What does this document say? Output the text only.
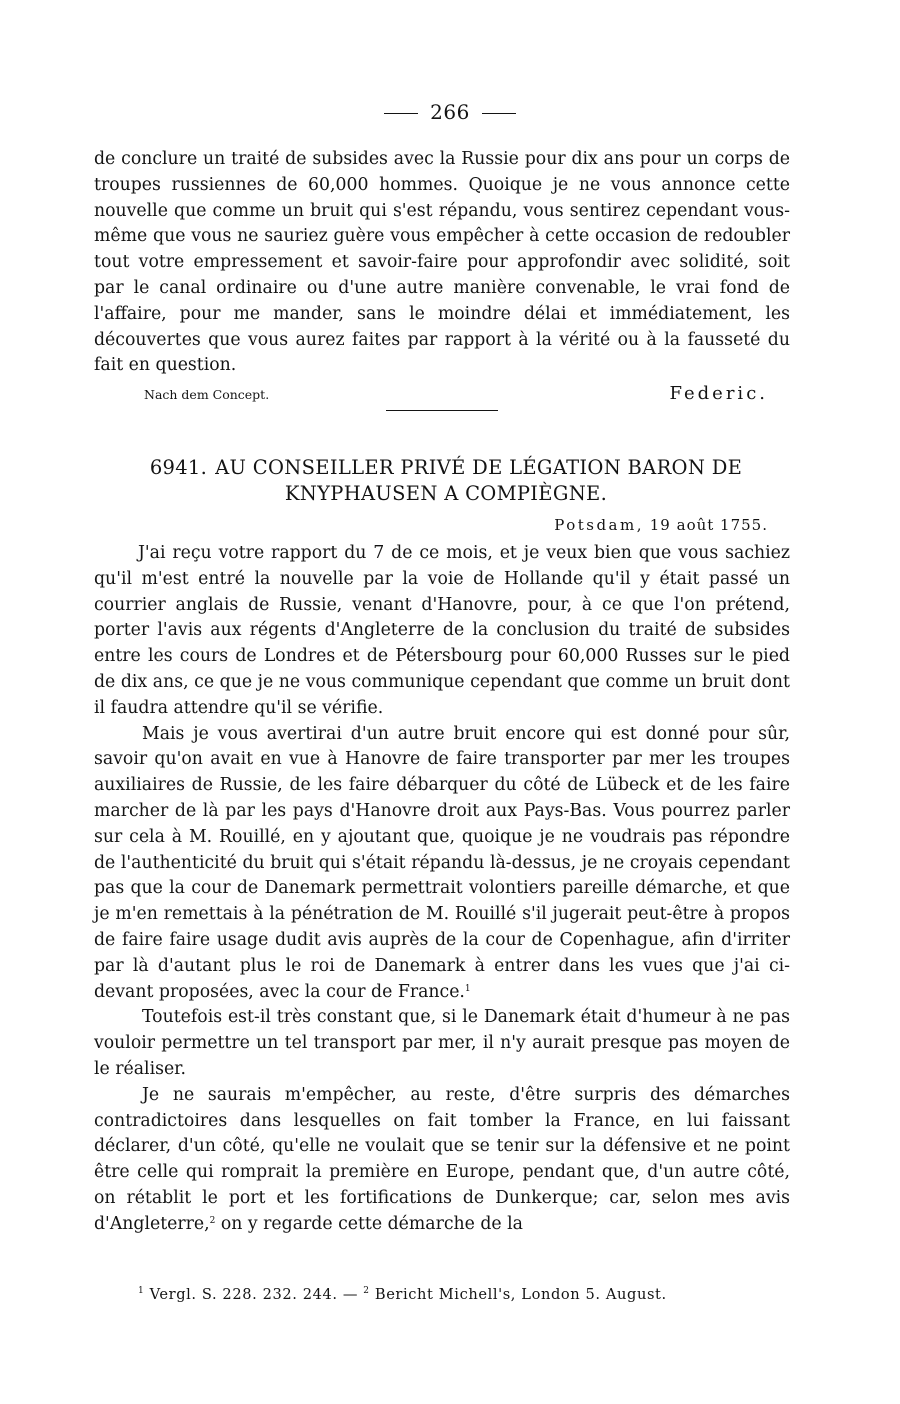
266

de conclure un traité de subsides avec la Russie pour dix ans pour un corps de troupes russiennes de 60,000 hommes. Quoique je ne vous annonce cette nouvelle que comme un bruit qui s'est répandu, vous sentirez cependant vous-même que vous ne sauriez guère vous empêcher à cette occasion de redoubler tout votre empressement et savoir-faire pour approfondir avec solidité, soit par le canal ordinaire ou d'une autre manière convenable, le vrai fond de l'affaire, pour me mander, sans le moindre délai et immédiatement, les découvertes que vous aurez faites par rapport à la vérité ou à la fausseté du fait en question.

Nach dem Concept.	Federic.
6941. AU CONSEILLER PRIVÉ DE LÉGATION BARON DE
KNYPHAUSEN A COMPIÈGNE.
Potsdam, 19 août 1755.

J'ai reçu votre rapport du 7 de ce mois, et je veux bien que vous sachiez qu'il m'est entré la nouvelle par la voie de Hollande qu'il y était passé un courrier anglais de Russie, venant d'Hanovre, pour, à ce que l'on prétend, porter l'avis aux régents d'Angleterre de la conclusion du traité de subsides entre les cours de Londres et de Pétersbourg pour 60,000 Russes sur le pied de dix ans, ce que je ne vous communique cependant que comme un bruit dont il faudra attendre qu'il se vérifie.

Mais je vous avertirai d'un autre bruit encore qui est donné pour sûr, savoir qu'on avait en vue à Hanovre de faire transporter par mer les troupes auxiliaires de Russie, de les faire débarquer du côté de Lübeck et de les faire marcher de là par les pays d'Hanovre droit aux Pays-Bas. Vous pourrez parler sur cela à M. Rouillé, en y ajoutant que, quoique je ne voudrais pas répondre de l'authenticité du bruit qui s'était répandu là-dessus, je ne croyais cependant pas que la cour de Danemark permettrait volontiers pareille démarche, et que je m'en remettais à la pénétration de M. Rouillé s'il jugerait peut-être à propos de faire faire usage dudit avis auprès de la cour de Copenhague, afin d'irriter par là d'autant plus le roi de Danemark à entrer dans les vues que j'ai ci-devant proposées, avec la cour de France.$^1$

Toutefois est-il très constant que, si le Danemark était d'humeur à ne pas vouloir permettre un tel transport par mer, il n'y aurait presque pas moyen de le réaliser.

Je ne saurais m'empêcher, au reste, d'être surpris des démarches contradictoires dans lesquelles on fait tomber la France, en lui faissant déclarer, d'un côté, qu'elle ne voulait que se tenir sur la défensive et ne point être celle qui romprait la première en Europe, pendant que, d'un autre côté, on rétablit le port et les fortifications de Dunkerque; car, selon mes avis d'Angleterre,$^2$ on y regarde cette démarche de la

$^1$ Vergl. S. 228. 232. 244. — $^2$ Bericht Michell's, London 5. August.
